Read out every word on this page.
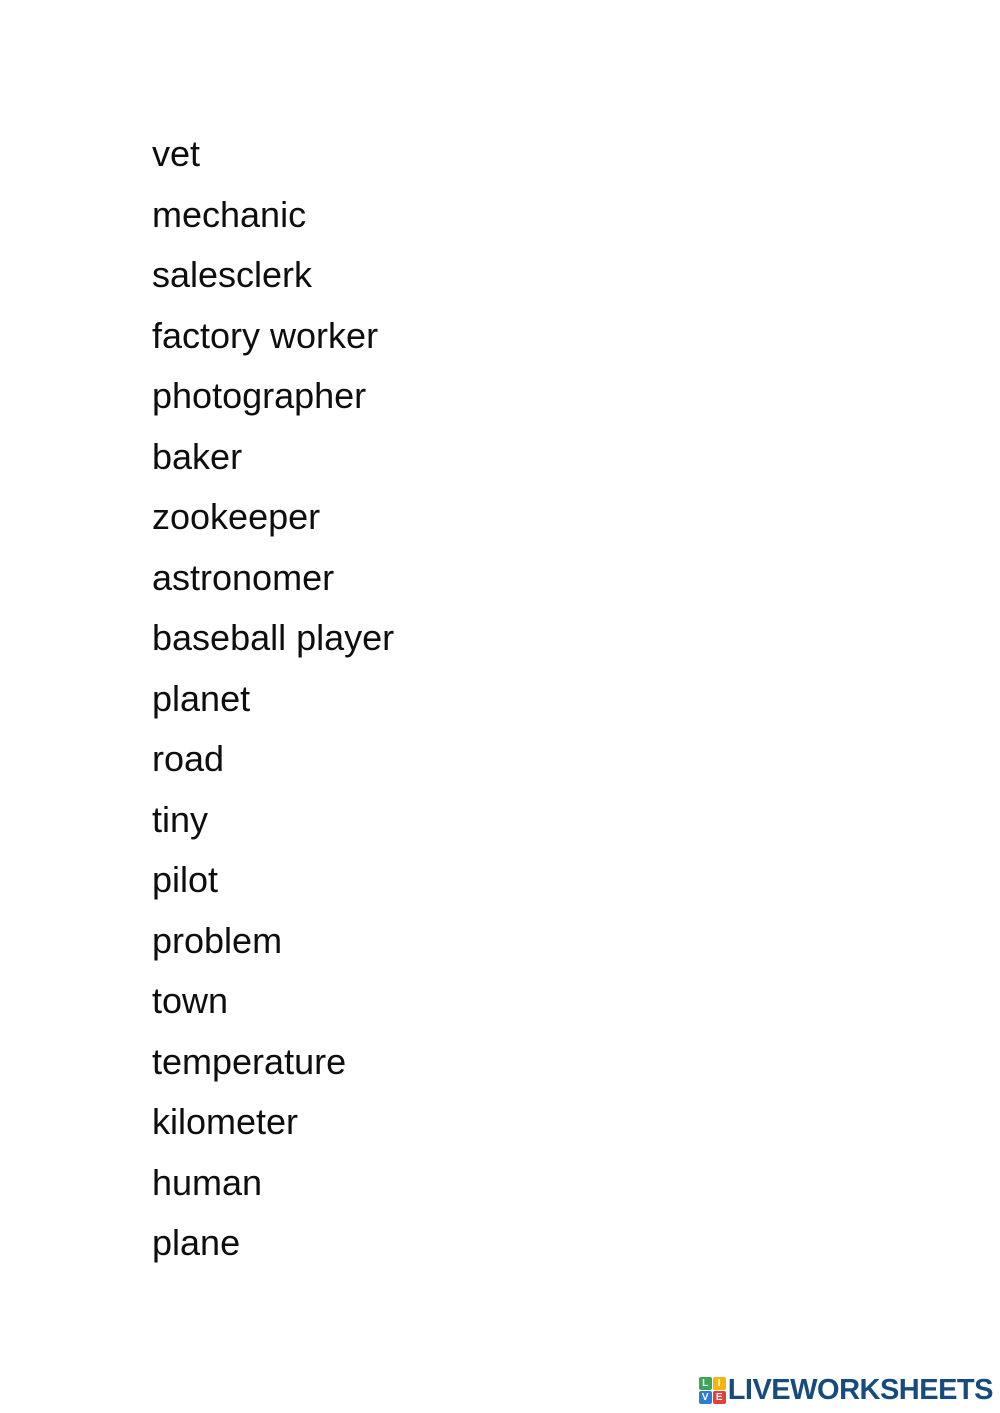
vet
mechanic
salesclerk
factory worker
photographer
baker
zookeeper
astronomer
baseball player
planet
road
tiny
pilot
problem
town
temperature
kilometer
human
plane
L I
V E LIVEWORKSHEETS
